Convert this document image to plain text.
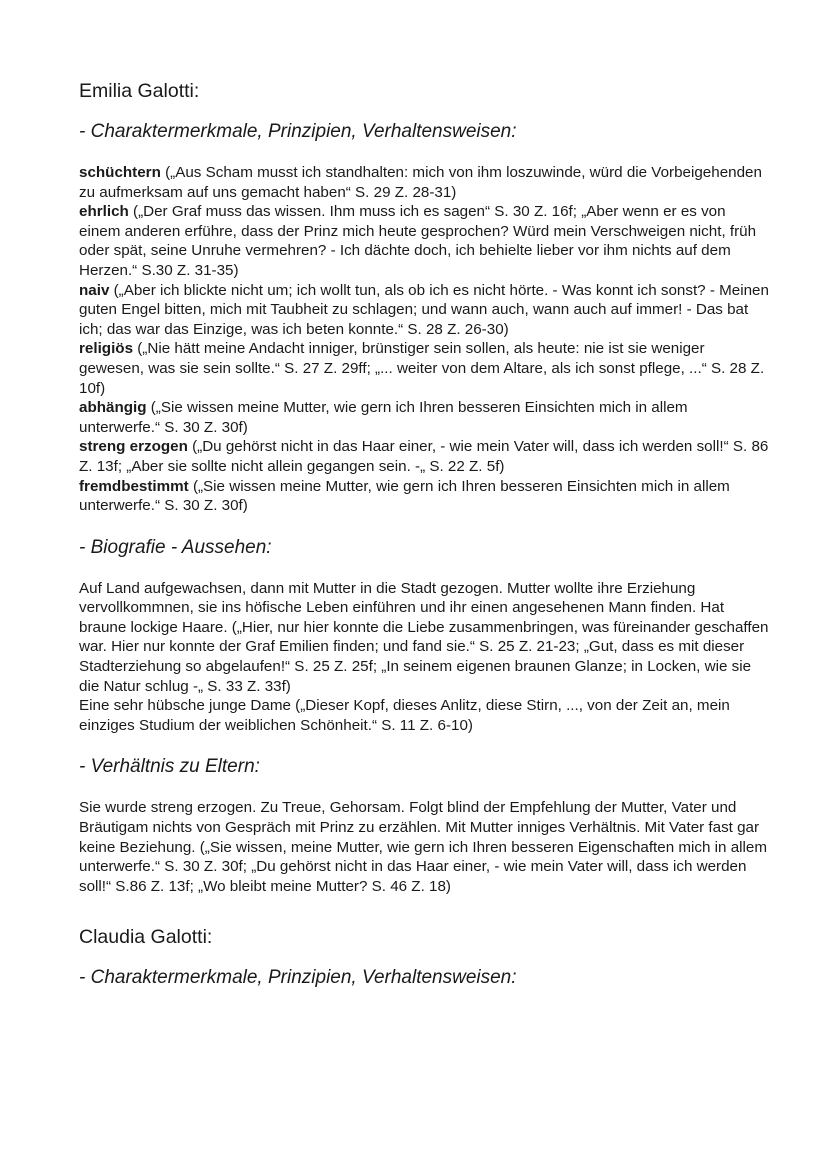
Emilia Galotti:
- Charaktermerkmale, Prinzipien, Verhaltensweisen:

schüchtern („Aus Scham musst ich standhalten: mich von ihm loszuwinde, würd die Vorbeigehenden zu aufmerksam auf uns gemacht haben“ S. 29 Z. 28-31)

ehrlich („Der Graf muss das wissen. Ihm muss ich es sagen“ S. 30 Z. 16f; „Aber wenn er es von einem anderen erführe, dass der Prinz mich heute gesprochen? Würd mein Verschweigen nicht, früh oder spät, seine Unruhe vermehren? - Ich dächte doch, ich behielte lieber vor ihm nichts auf dem Herzen.“ S.30 Z. 31-35)

naiv („Aber ich blickte nicht um; ich wollt tun, als ob ich es nicht hörte. - Was konnt ich sonst? - Meinen guten Engel bitten, mich mit Taubheit zu schlagen; und wann auch, wann auch auf immer! - Das bat ich; das war das Einzige, was ich beten konnte.“ S. 28 Z. 26-30)

religiös („Nie hätt meine Andacht inniger, brünstiger sein sollen, als heute: nie ist sie weniger gewesen, was sie sein sollte.“ S. 27 Z. 29ff; „... weiter von dem Altare, als ich sonst pflege, ...“ S. 28 Z. 10f)

abhängig („Sie wissen meine Mutter, wie gern ich Ihren besseren Einsichten mich in allem unterwerfe.“ S. 30 Z. 30f)

streng erzogen („Du gehörst nicht in das Haar einer, - wie mein Vater will, dass ich werden soll!“ S. 86 Z. 13f; „Aber sie sollte nicht allein gegangen sein. -„ S. 22 Z. 5f)

fremdbestimmt („Sie wissen meine Mutter, wie gern ich Ihren besseren Einsichten mich in allem unterwerfe.“ S. 30 Z. 30f)

- Biografie - Aussehen:

Auf Land aufgewachsen, dann mit Mutter in die Stadt gezogen. Mutter wollte ihre Erziehung vervollkommnen, sie ins höfische Leben einführen und ihr einen angesehenen Mann finden. Hat braune lockige Haare. („Hier, nur hier konnte die Liebe zusammenbringen, was füreinander geschaffen war. Hier nur konnte der Graf Emilien finden; und fand sie.“ S. 25 Z. 21-23; „Gut, dass es mit dieser Stadterziehung so abgelaufen!“ S. 25 Z. 25f; „In seinem eigenen braunen Glanze; in Locken, wie sie die Natur schlug -„ S. 33 Z. 33f)

Eine sehr hübsche junge Dame („Dieser Kopf, dieses Anlitz, diese Stirn, ..., von der Zeit an, mein einziges Studium der weiblichen Schönheit.“ S. 11 Z. 6-10)

- Verhältnis zu Eltern:

Sie wurde streng erzogen. Zu Treue, Gehorsam. Folgt blind der Empfehlung der Mutter, Vater und Bräutigam nichts von Gespräch mit Prinz zu erzählen. Mit Mutter inniges Verhältnis. Mit Vater fast gar keine Beziehung. („Sie wissen, meine Mutter, wie gern ich Ihren besseren Eigenschaften mich in allem unterwerfe.“ S. 30 Z. 30f; „Du gehörst nicht in das Haar einer, - wie mein Vater will, dass ich werden soll!“ S.86 Z. 13f; „Wo bleibt meine Mutter? S. 46 Z. 18)

Claudia Galotti:
- Charaktermerkmale, Prinzipien, Verhaltensweisen:
